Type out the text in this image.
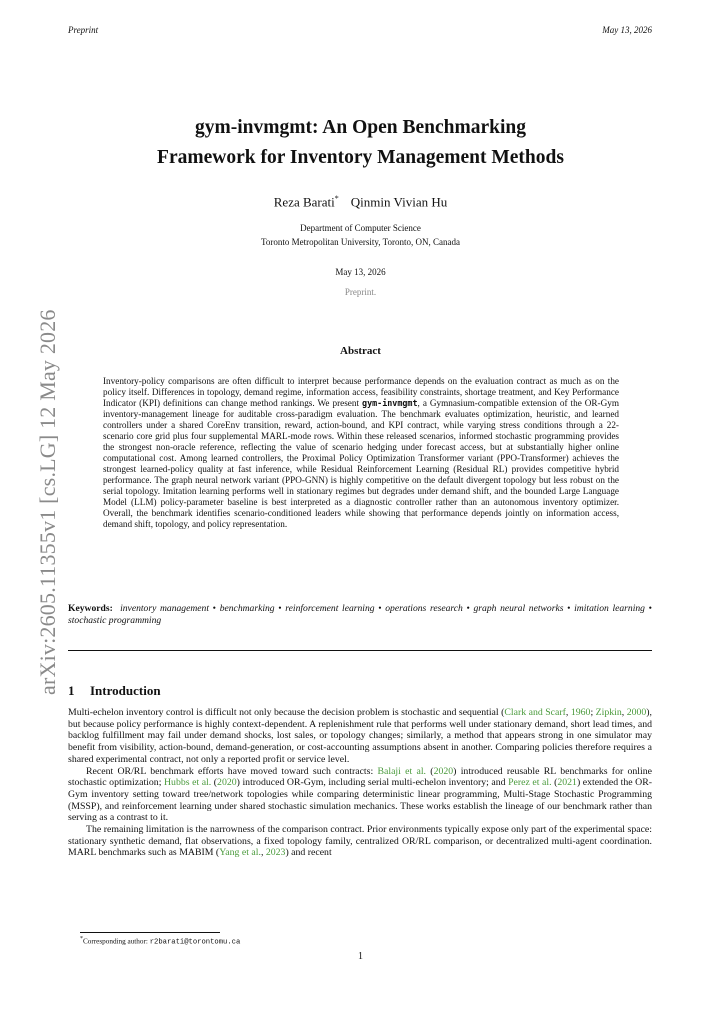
Preprint	May 13, 2026
arXiv:2605.11355v1 [cs.LG] 12 May 2026
gym-invmgmt: An Open Benchmarking
Framework for Inventory Management Methods
Reza Barati* Qinmin Vivian Hu
Department of Computer Science
Toronto Metropolitan University, Toronto, ON, Canada
May 13, 2026
Preprint.
Abstract
Inventory-policy comparisons are often difficult to interpret because performance depends on the evaluation contract as much as on the policy itself. Differences in topology, demand regime, information access, feasibility constraints, shortage treatment, and Key Performance Indicator (KPI) definitions can change method rankings. We present gym-invmgmt, a Gymnasium-compatible extension of the OR-Gym inventory-management lineage for auditable cross-paradigm evaluation. The benchmark evaluates optimization, heuristic, and learned controllers under a shared CoreEnv transition, reward, action-bound, and KPI contract, while varying stress conditions through a 22-scenario core grid plus four supplemental MARL-mode rows. Within these released scenarios, informed stochastic programming provides the strongest non-oracle reference, reflecting the value of scenario hedging under forecast access, but at substantially higher online computational cost. Among learned controllers, the Proximal Policy Optimization Transformer variant (PPO-Transformer) achieves the strongest learned-policy quality at fast inference, while Residual Reinforcement Learning (Residual RL) provides competitive hybrid performance. The graph neural network variant (PPO-GNN) is highly competitive on the default divergent topology but less robust on the serial topology. Imitation learning performs well in stationary regimes but degrades under demand shift, and the bounded Large Language Model (LLM) policy-parameter baseline is best interpreted as a diagnostic controller rather than an autonomous inventory optimizer. Overall, the benchmark identifies scenario-conditioned leaders while showing that performance depends jointly on information access, demand shift, topology, and policy representation.
Keywords: inventory management • benchmarking • reinforcement learning • operations research • graph neural networks • imitation learning • stochastic programming
1 Introduction

Multi-echelon inventory control is difficult not only because the decision problem is stochastic and sequential (Clark and Scarf, 1960; Zipkin, 2000), but because policy performance is highly context-dependent. A replenishment rule that performs well under stationary demand, short lead times, and backlog fulfillment may fail under demand shocks, lost sales, or topology changes; similarly, a method that appears strong in one simulator may benefit from visibility, action-bound, demand-generation, or cost-accounting assumptions absent in another. Comparing policies therefore requires a shared experimental contract, not only a reported profit or service level.

Recent OR/RL benchmark efforts have moved toward such contracts: Balaji et al. (2020) introduced reusable RL benchmarks for online stochastic optimization; Hubbs et al. (2020) introduced OR-Gym, including serial multi-echelon inventory; and Perez et al. (2021) extended the OR-Gym inventory setting toward tree/network topologies while comparing deterministic linear programming, Multi-Stage Stochastic Programming (MSSP), and reinforcement learning under shared stochastic simulation mechanics. These works establish the lineage of our benchmark rather than serving as a contrast to it.

The remaining limitation is the narrowness of the comparison contract. Prior environments typically expose only part of the experimental space: stationary synthetic demand, flat observations, a fixed topology family, centralized OR/RL comparison, or decentralized multi-agent coordination. MARL benchmarks such as MABIM (Yang et al., 2023) and recent

*Corresponding author: r2barati@torontomu.ca
1
